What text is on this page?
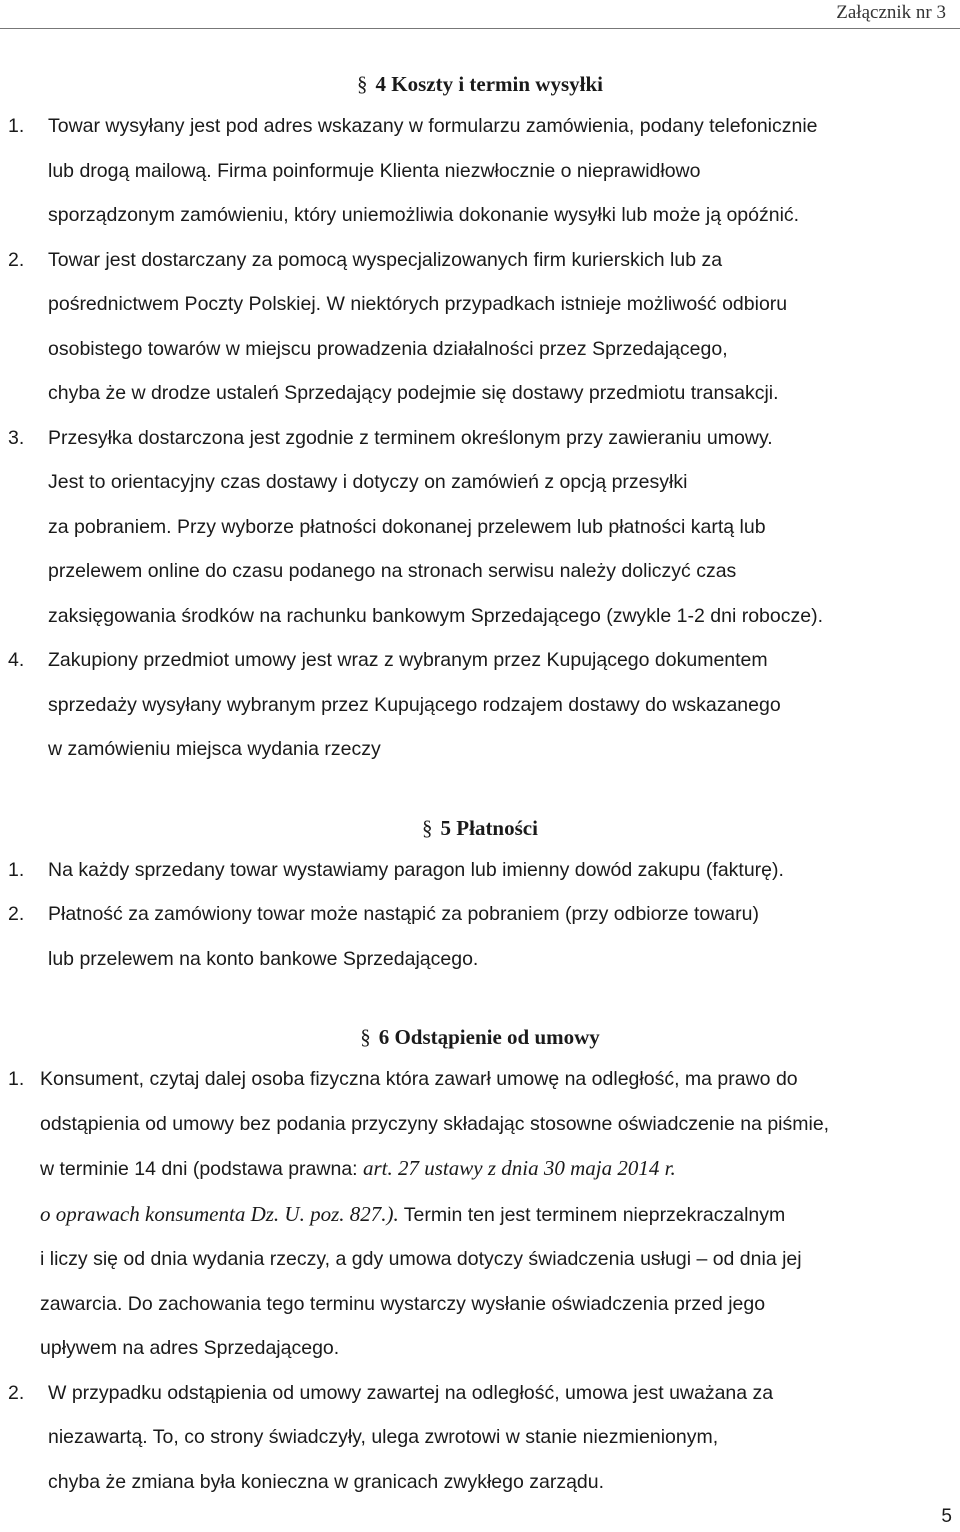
Załącznik nr 3
§ 4 Koszty i termin wysyłki
1. Towar wysyłany jest pod adres wskazany w formularzu zamówienia, podany telefonicznie

lub drogą mailową. Firma poinformuje Klienta niezwłocznie o nieprawidłowo

sporządzonym zamówieniu, który uniemożliwia dokonanie wysyłki lub może ją opóźnić.

2. Towar jest dostarczany za pomocą wyspecjalizowanych firm kurierskich lub za

pośrednictwem Poczty Polskiej. W niektórych przypadkach istnieje możliwość odbioru

osobistego towarów w miejscu prowadzenia działalności przez Sprzedającego,

chyba że w drodze ustaleń Sprzedający podejmie się dostawy przedmiotu transakcji.

3. Przesyłka dostarczona jest zgodnie z terminem określonym przy zawieraniu umowy.

Jest to orientacyjny czas dostawy i dotyczy on zamówień z opcją przesyłki

za pobraniem. Przy wyborze płatności dokonanej przelewem lub płatności kartą lub

przelewem online do czasu podanego na stronach serwisu należy doliczyć czas

zaksięgowania środków na rachunku bankowym Sprzedającego (zwykle 1-2 dni robocze).

4. Zakupiony przedmiot umowy jest wraz z wybranym przez Kupującego dokumentem

sprzedaży wysyłany wybranym przez Kupującego rodzajem dostawy do wskazanego

w zamówieniu miejsca wydania rzeczy

§ 5 Płatności
1. Na każdy sprzedany towar wystawiamy paragon lub imienny dowód zakupu (fakturę).

2. Płatność za zamówiony towar może nastąpić za pobraniem (przy odbiorze towaru)

lub przelewem na konto bankowe Sprzedającego.

§ 6 Odstąpienie od umowy
1. Konsument, czytaj dalej osoba fizyczna która zawarł umowę na odległość, ma prawo do

odstąpienia od umowy bez podania przyczyny składając stosowne oświadczenie na piśmie,

w terminie 14 dni (podstawa prawna: art. 27 ustawy z dnia 30 maja 2014 r.

o oprawach konsumenta Dz. U. poz. 827.). Termin ten jest terminem nieprzekraczalnym

i liczy się od dnia wydania rzeczy, a gdy umowa dotyczy świadczenia usługi – od dnia jej

zawarcia. Do zachowania tego terminu wystarczy wysłanie oświadczenia przed jego

upływem na adres Sprzedającego.

2. W przypadku odstąpienia od umowy zawartej na odległość, umowa jest uważana za

niezawartą. To, co strony świadczyły, ulega zwrotowi w stanie niezmienionym,

chyba że zmiana była konieczna w granicach zwykłego zarządu.

5
